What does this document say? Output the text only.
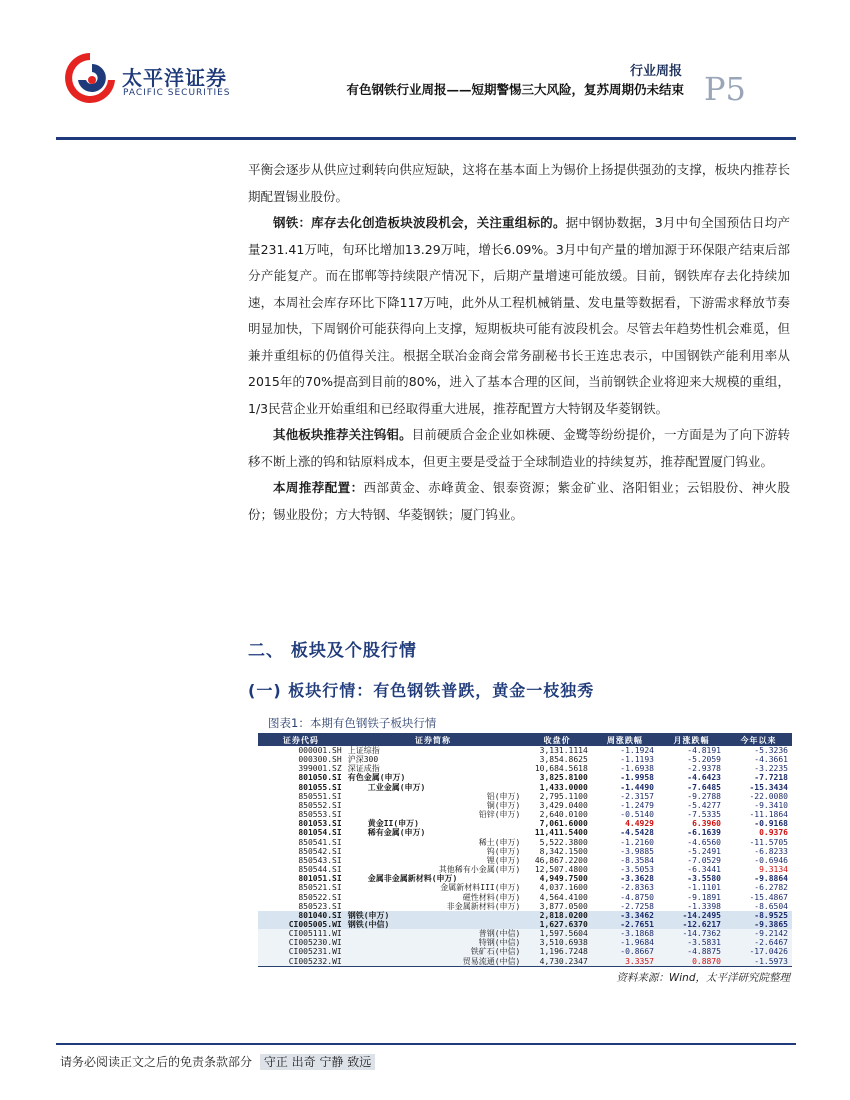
太平洋证券
PACIFIC SECURITIES
行业周报
有色钢铁行业周报——短期警惕三大风险，复苏周期仍未结束 P5

平衡会逐步从供应过剩转向供应短缺，这将在基本面上为锡价上扬提供强劲的支撑，板块内推荐长期配置锡业股份。

钢铁：库存去化创造板块波段机会，关注重组标的。据中钢协数据，3月中旬全国预估日均产量231.41万吨，旬环比增加13.29万吨，增长6.09%。3月中旬产量的增加源于环保限产结束后部分产能复产。而在邯郸等持续限产情况下，后期产量增速可能放缓。目前，钢铁库存去化持续加速，本周社会库存环比下降117万吨，此外从工程机械销量、发电量等数据看，下游需求释放节奏明显加快，下周钢价可能获得向上支撑，短期板块可能有波段机会。尽管去年趋势性机会难觅，但兼并重组标的仍值得关注。根据全联冶金商会常务副秘书长王连忠表示，中国钢铁产能利用率从2015年的70%提高到目前的80%，进入了基本合理的区间，当前钢铁企业将迎来大规模的重组，1/3民营企业开始重组和已经取得重大进展，推荐配置方大特钢及华菱钢铁。

其他板块推荐关注钨钼。目前硬质合金企业如株硬、金鹭等纷纷提价，一方面是为了向下游转移不断上涨的钨和钴原料成本，但更主要是受益于全球制造业的持续复苏，推荐配置厦门钨业。

本周推荐配置：西部黄金、赤峰黄金、银泰资源；紫金矿业、洛阳钼业；云铝股份、神火股份；锡业股份；方大特钢、华菱钢铁；厦门钨业。

二、 板块及个股行情
(一) 板块行情：有色钢铁普跌，黄金一枝独秀
图表1：本期有色钢铁子板块行情
证券代码	证券简称	收盘价	周涨跌幅	月涨跌幅	今年以来
000001.SH	上证综指	3,131.1114	-1.1924	-4.8191	-5.3236
000300.SH	沪深300	3,854.8625	-1.1193	-5.2059	-4.3661
399001.SZ	深证成指	10,684.5618	-1.6938	-2.9378	-3.2235
801050.SI	有色金属(申万)	3,825.8100	-1.9958	-4.6423	-7.7218
801055.SI	工业金属(申万)	1,433.0000	-1.4490	-7.6485	-15.3434
850551.SI	铝(申万)	2,795.1100	-2.3157	-9.2788	-22.0080
850552.SI	铜(申万)	3,429.0400	-1.2479	-5.4277	-9.3410
850553.SI	铅锌(申万)	2,640.0100	-0.5140	-7.5335	-11.1864
801053.SI	黄金II(申万)	7,061.6000	4.4929	6.3960	-0.9168
801054.SI	稀有金属(申万)	11,411.5400	-4.5428	-6.1639	0.9376
850541.SI	稀土(申万)	5,522.3800	-1.2160	-4.6560	-11.5705
850542.SI	钨(申万)	8,342.1500	-3.9885	-5.2491	-6.8233
850543.SI	锂(申万)	46,867.2200	-8.3584	-7.0529	-0.6946
850544.SI	其他稀有小金属(申万)	12,507.4800	-3.5053	-6.3441	9.3134
801051.SI	金属非金属新材料(申万)	4,949.7500	-3.3628	-3.5580	-9.8864
850521.SI	金属新材料III(申万)	4,037.1600	-2.8363	-1.1101	-6.2782
850522.SI	磁性材料(申万)	4,564.4100	-4.8750	-9.1891	-15.4867
850523.SI	非金属新材料(申万)	3,877.0500	-2.7258	-1.3398	-8.6504
801040.SI	钢铁(申万)	2,818.0200	-3.3462	-14.2495	-8.9525
CI005005.WI	钢铁(中信)	1,627.6370	-2.7651	-12.6217	-9.3865
CI005111.WI	普钢(中信)	1,597.5604	-3.1868	-14.7362	-9.2142
CI005230.WI	特钢(中信)	3,510.6938	-1.9684	-3.5831	-2.6467
CI005231.WI	铁矿石(中信)	1,196.7248	-0.8667	-4.8875	-17.0426
CI005232.WI	贸易流通(中信)	4,730.2347	3.3357	0.8870	-1.5973
资料来源：Wind，太平洋研究院整理
请务必阅读正文之后的免责条款部分 守正 出奇 宁静 致远
